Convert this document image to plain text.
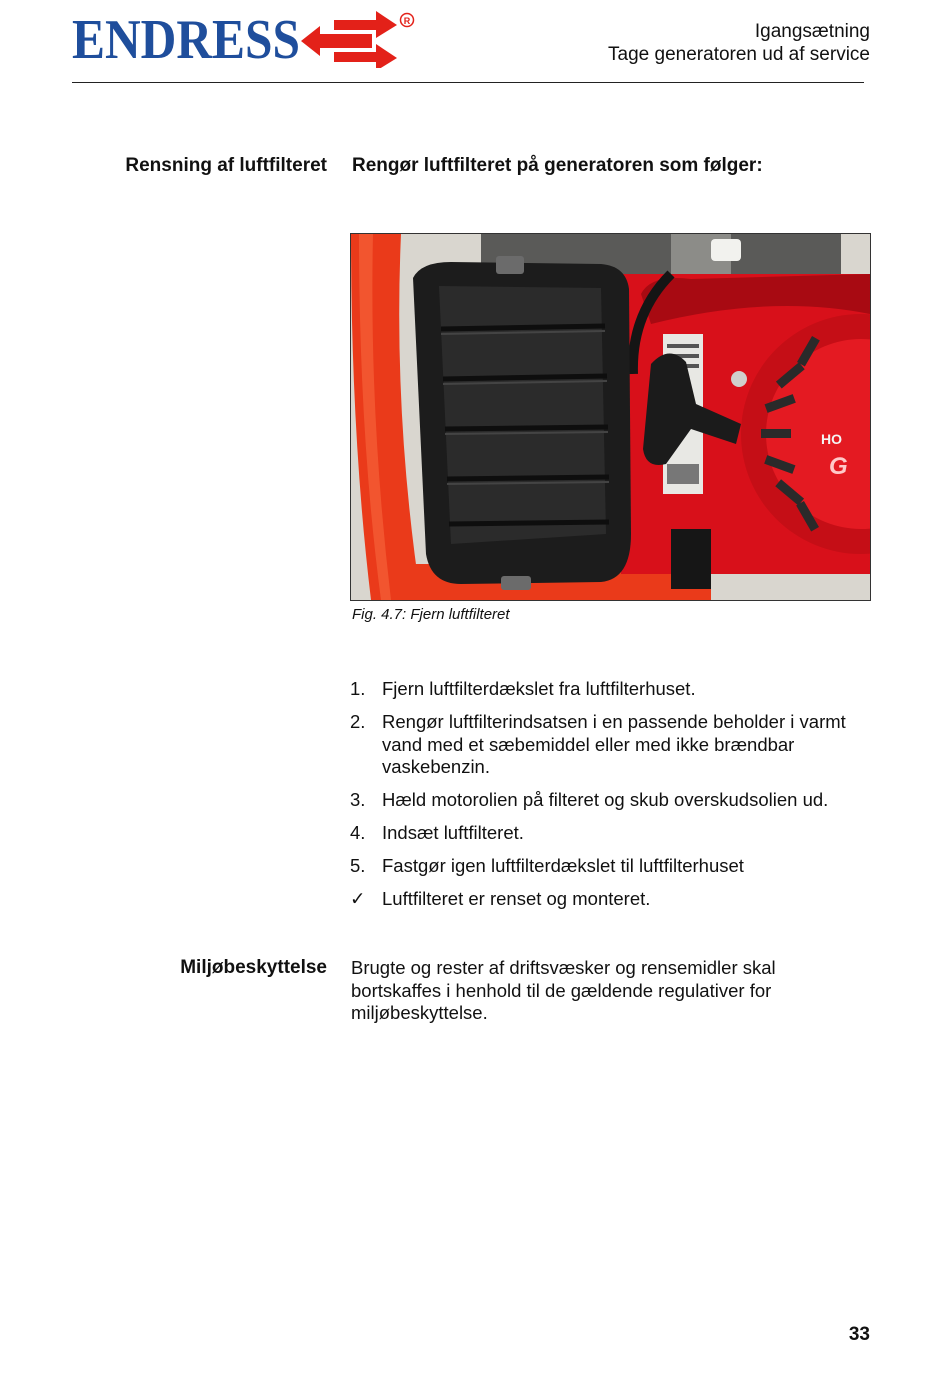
ENDRESS	R	Igangsætning
Tage generatoren ud af service
Rensning af luftfilteret Rengør luftfilteret på generatoren som følger:
HO
G
Fig. 4.7: Fjern luftfilteret
1. Fjern luftfilterdækslet fra luftfilterhuset.
2. Rengør luftfilterindsatsen i en passende beholder i varmt vand med et sæbemiddel eller med ikke brændbar vaskebenzin.
3. Hæld motorolien på filteret og skub overskudsolien ud.
4. Indsæt luftfilteret.
5. Fastgør igen luftfilterdækslet til luftfilterhuset
✓ Luftfilteret er renset og monteret.
Miljøbeskyttelse Brugte og rester af driftsvæsker og rensemidler skal bortskaffes i henhold til de gældende regulativer for miljøbeskyttelse.
33
